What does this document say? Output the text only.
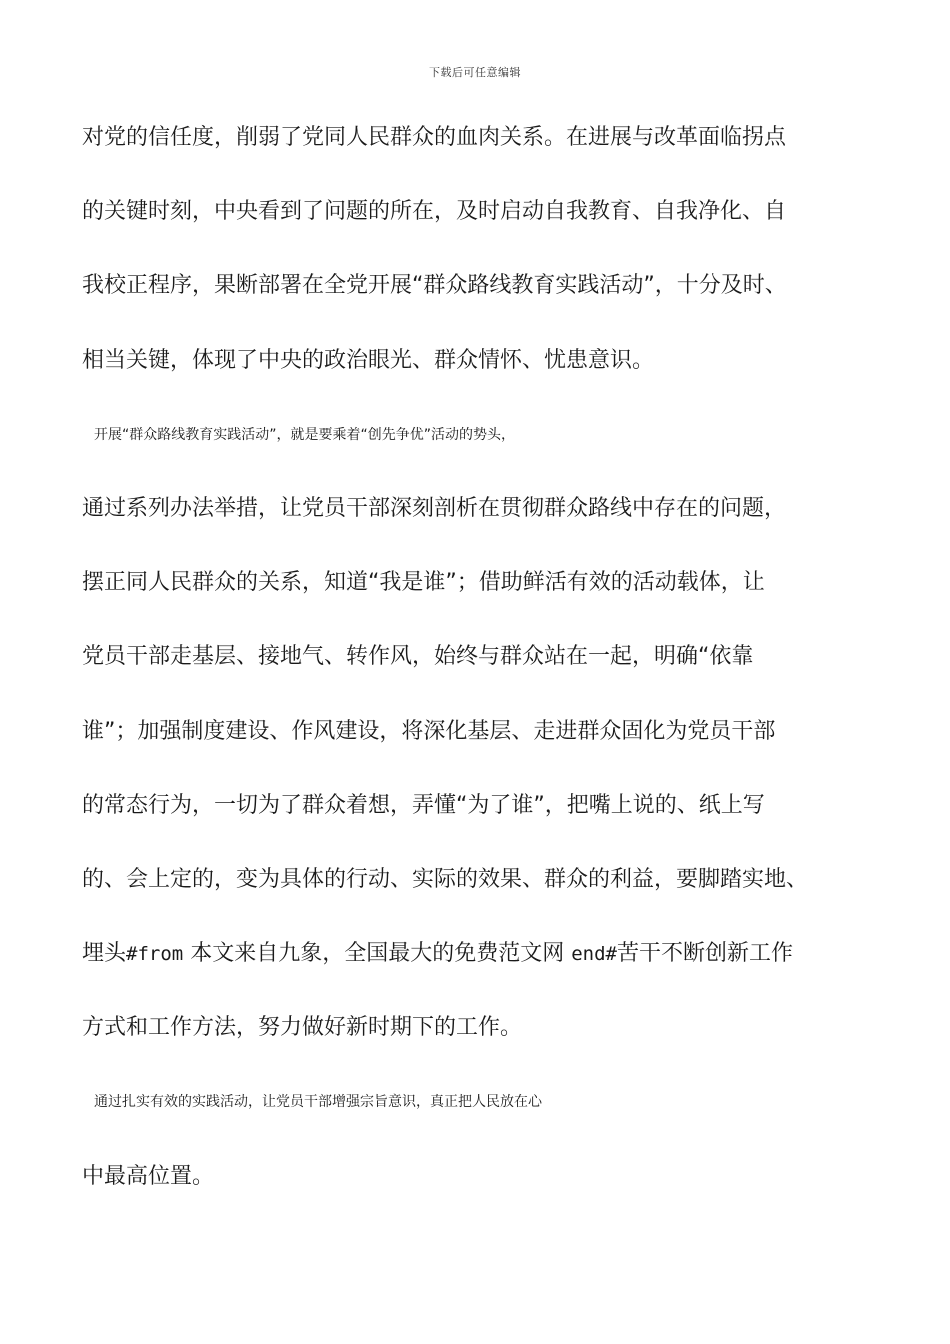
下载后可任意编辑
对党的信任度，削弱了党同人民群众的血肉关系。在进展与改革面临拐点
的关键时刻，中央看到了问题的所在，及时启动自我教育、自我净化、自
我校正程序，果断部署在全党开展“群众路线教育实践活动”，十分及时、
相当关键，体现了中央的政治眼光、群众情怀、忧患意识。
开展“群众路线教育实践活动”，就是要乘着“创先争优”活动的势头，
通过系列办法举措，让党员干部深刻剖析在贯彻群众路线中存在的问题，
摆正同人民群众的关系，知道“我是谁”；借助鲜活有效的活动载体，让
党员干部走基层、接地气、转作风，始终与群众站在一起，明确“依靠
谁”；加强制度建设、作风建设，将深化基层、走进群众固化为党员干部
的常态行为，一切为了群众着想，弄懂“为了谁”，把嘴上说的、纸上写
的、会上定的，变为具体的行动、实际的效果、群众的利益，要脚踏实地、
埋头#from 本文来自九象，全国最大的免费范文网 end#苦干不断创新工作
方式和工作方法，努力做好新时期下的工作。
通过扎实有效的实践活动，让党员干部增强宗旨意识，真正把人民放在心
中最高位置。
